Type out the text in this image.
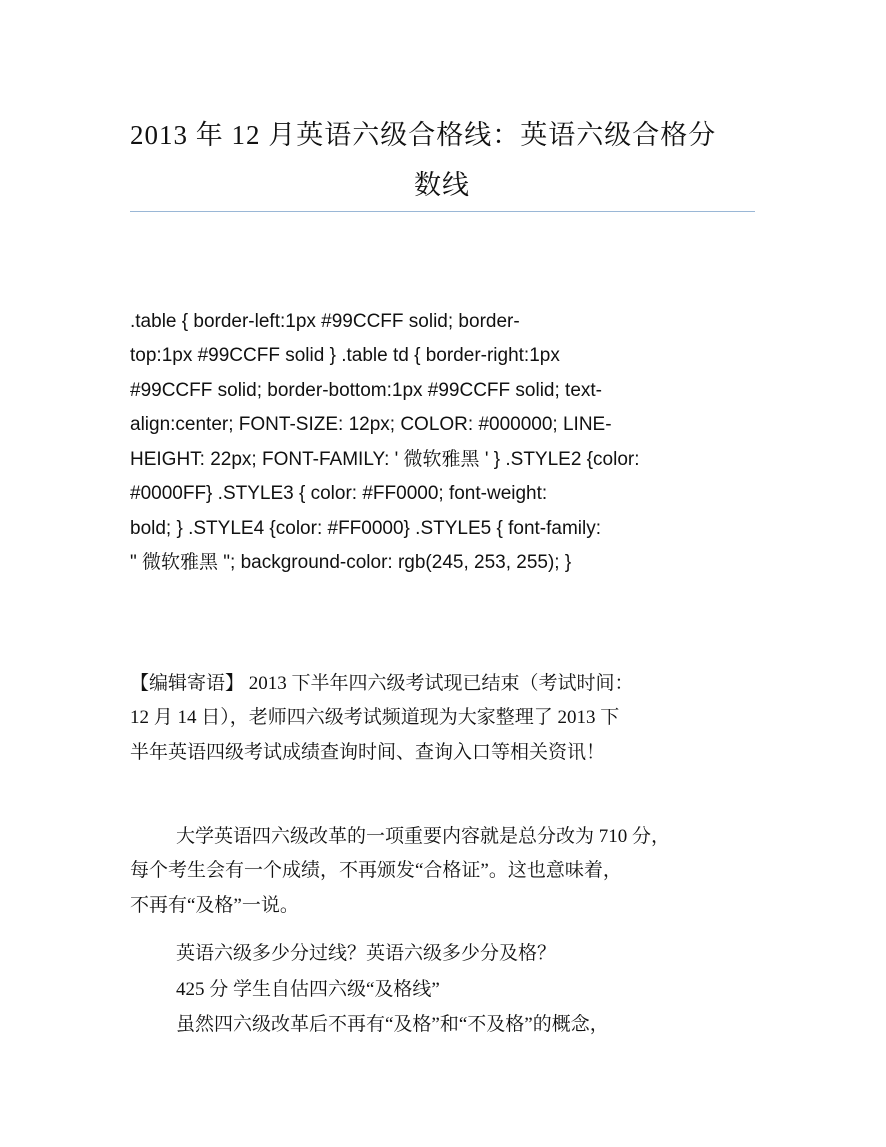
2013 年 12 月英语六级合格线：英语六级合格分
数线
.table { border-left:1px #99CCFF solid; border-
top:1px #99CCFF solid } .table td { border-right:1px
#99CCFF solid; border-bottom:1px #99CCFF solid; text-
align:center; FONT-SIZE: 12px; COLOR: #000000; LINE-
HEIGHT: 22px; FONT-FAMILY: ' 微软雅黑 ' } .STYLE2 {color:
#0000FF} .STYLE3 { color: #FF0000; font-weight:
bold; } .STYLE4 {color: #FF0000} .STYLE5 { font-family:
" 微软雅黑 "; background-color: rgb(245, 253, 255); }
【编辑寄语】 2013 下半年四六级考试现已结束（考试时间：
12 月 14 日），老师四六级考试频道现为大家整理了 2013 下
半年英语四级考试成绩查询时间、查询入口等相关资讯！
大学英语四六级改革的一项重要内容就是总分改为 710 分，
每个考生会有一个成绩，不再颁发“合格证”。这也意味着，
不再有“及格”一说。
英语六级多少分过线？英语六级多少分及格？
425 分 学生自估四六级“及格线”
虽然四六级改革后不再有“及格”和“不及格”的概念，
